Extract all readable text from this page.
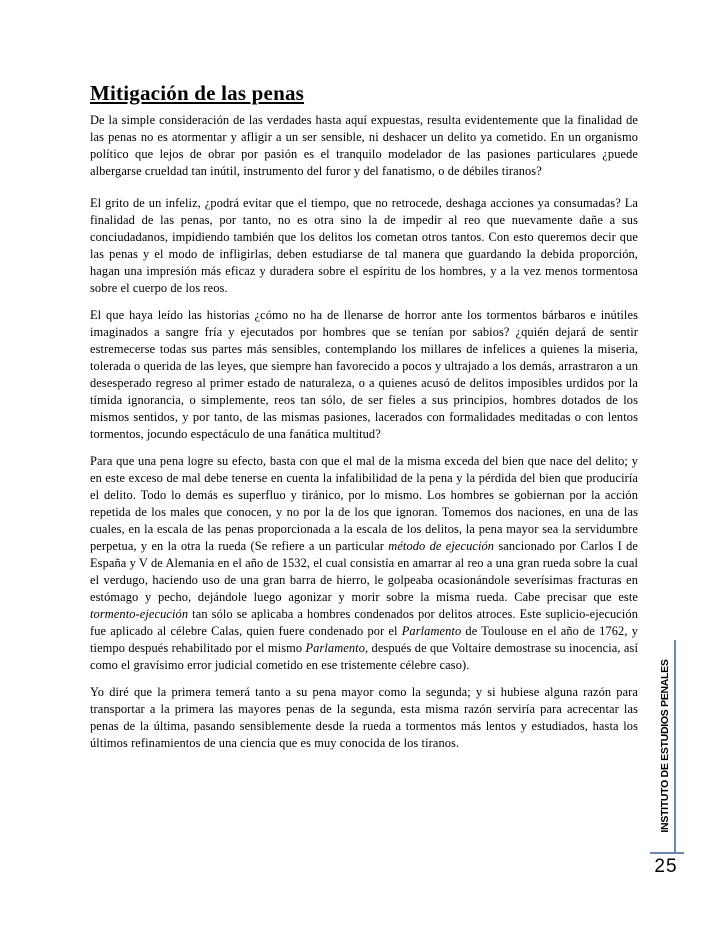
Mitigación de las penas

De la simple consideración de las verdades hasta aquí expuestas, resulta evidentemente que la finalidad de las penas no es atormentar y afligir a un ser sensible, ni deshacer un delito ya cometido. En un organismo político que lejos de obrar por pasión es el tranquilo modelador de las pasiones particulares ¿puede albergarse crueldad tan inútil, instrumento del furor y del fanatismo, o de débiles tiranos?

El grito de un infeliz, ¿podrá evitar que el tiempo, que no retrocede, deshaga acciones ya consumadas? La finalidad de las penas, por tanto, no es otra sino la de impedir al reo que nuevamente dañe a sus conciudadanos, impidiendo también que los delitos los cometan otros tantos. Con esto queremos decir que las penas y el modo de infligirlas, deben estudiarse de tal manera que guardando la debida proporción, hagan una impresión más eficaz y duradera sobre el espíritu de los hombres, y a la vez menos tormentosa sobre el cuerpo de los reos.

El que haya leído las historias ¿cómo no ha de llenarse de horror ante los tormentos bárbaros e inútiles imaginados a sangre fría y ejecutados por hombres que se tenían por sabios? ¿quién dejará de sentir estremecerse todas sus partes más sensibles, contemplando los millares de infelices a quienes la miseria, tolerada o querida de las leyes, que siempre han favorecido a pocos y ultrajado a los demás, arrastraron a un desesperado regreso al primer estado de naturaleza, o a quienes acusó de delitos imposibles urdidos por la tímida ignorancia, o simplemente, reos tan sólo, de ser fieles a sus principios, hombres dotados de los mismos sentidos, y por tanto, de las mismas pasiones, lacerados con formalidades meditadas o con lentos tormentos, jocundo espectáculo de una fanática multitud?

Para que una pena logre su efecto, basta con que el mal de la misma exceda del bien que nace del delito; y en este exceso de mal debe tenerse en cuenta la infalibilidad de la pena y la pérdida del bien que produciría el delito. Todo lo demás es superfluo y tiránico, por lo mismo. Los hombres se gobiernan por la acción repetida de los males que conocen, y no por la de los que ignoran. Tomemos dos naciones, en una de las cuales, en la escala de las penas proporcionada a la escala de los delitos, la pena mayor sea la servidumbre perpetua, y en la otra la rueda (Se refiere a un particular método de ejecución sancionado por Carlos I de España y V de Alemania en el año de 1532, el cual consistía en amarrar al reo a una gran rueda sobre la cual el verdugo, haciendo uso de una gran barra de hierro, le golpeaba ocasionándole severísimas fracturas en estómago y pecho, dejándole luego agonizar y morir sobre la misma rueda. Cabe precisar que este tormento-ejecución tan sólo se aplicaba a hombres condenados por delitos atroces. Este suplicio-ejecución fue aplicado al célebre Calas, quien fuere condenado por el Parlamento de Toulouse en el año de 1762, y tiempo después rehabilitado por el mismo Parlamento, después de que Voltaire demostrase su inocencia, así como el gravísimo error judicial cometido en ese tristemente célebre caso).

Yo diré que la primera temerá tanto a su pena mayor como la segunda; y si hubiese alguna razón para transportar a la primera las mayores penas de la segunda, esta misma razón serviría para acrecentar las penas de la última, pasando sensiblemente desde la rueda a tormentos más lentos y estudiados, hasta los últimos refinamientos de una ciencia que es muy conocida de los tiranos.	INSTITUTO DE ESTUDIOS PENALES
25
